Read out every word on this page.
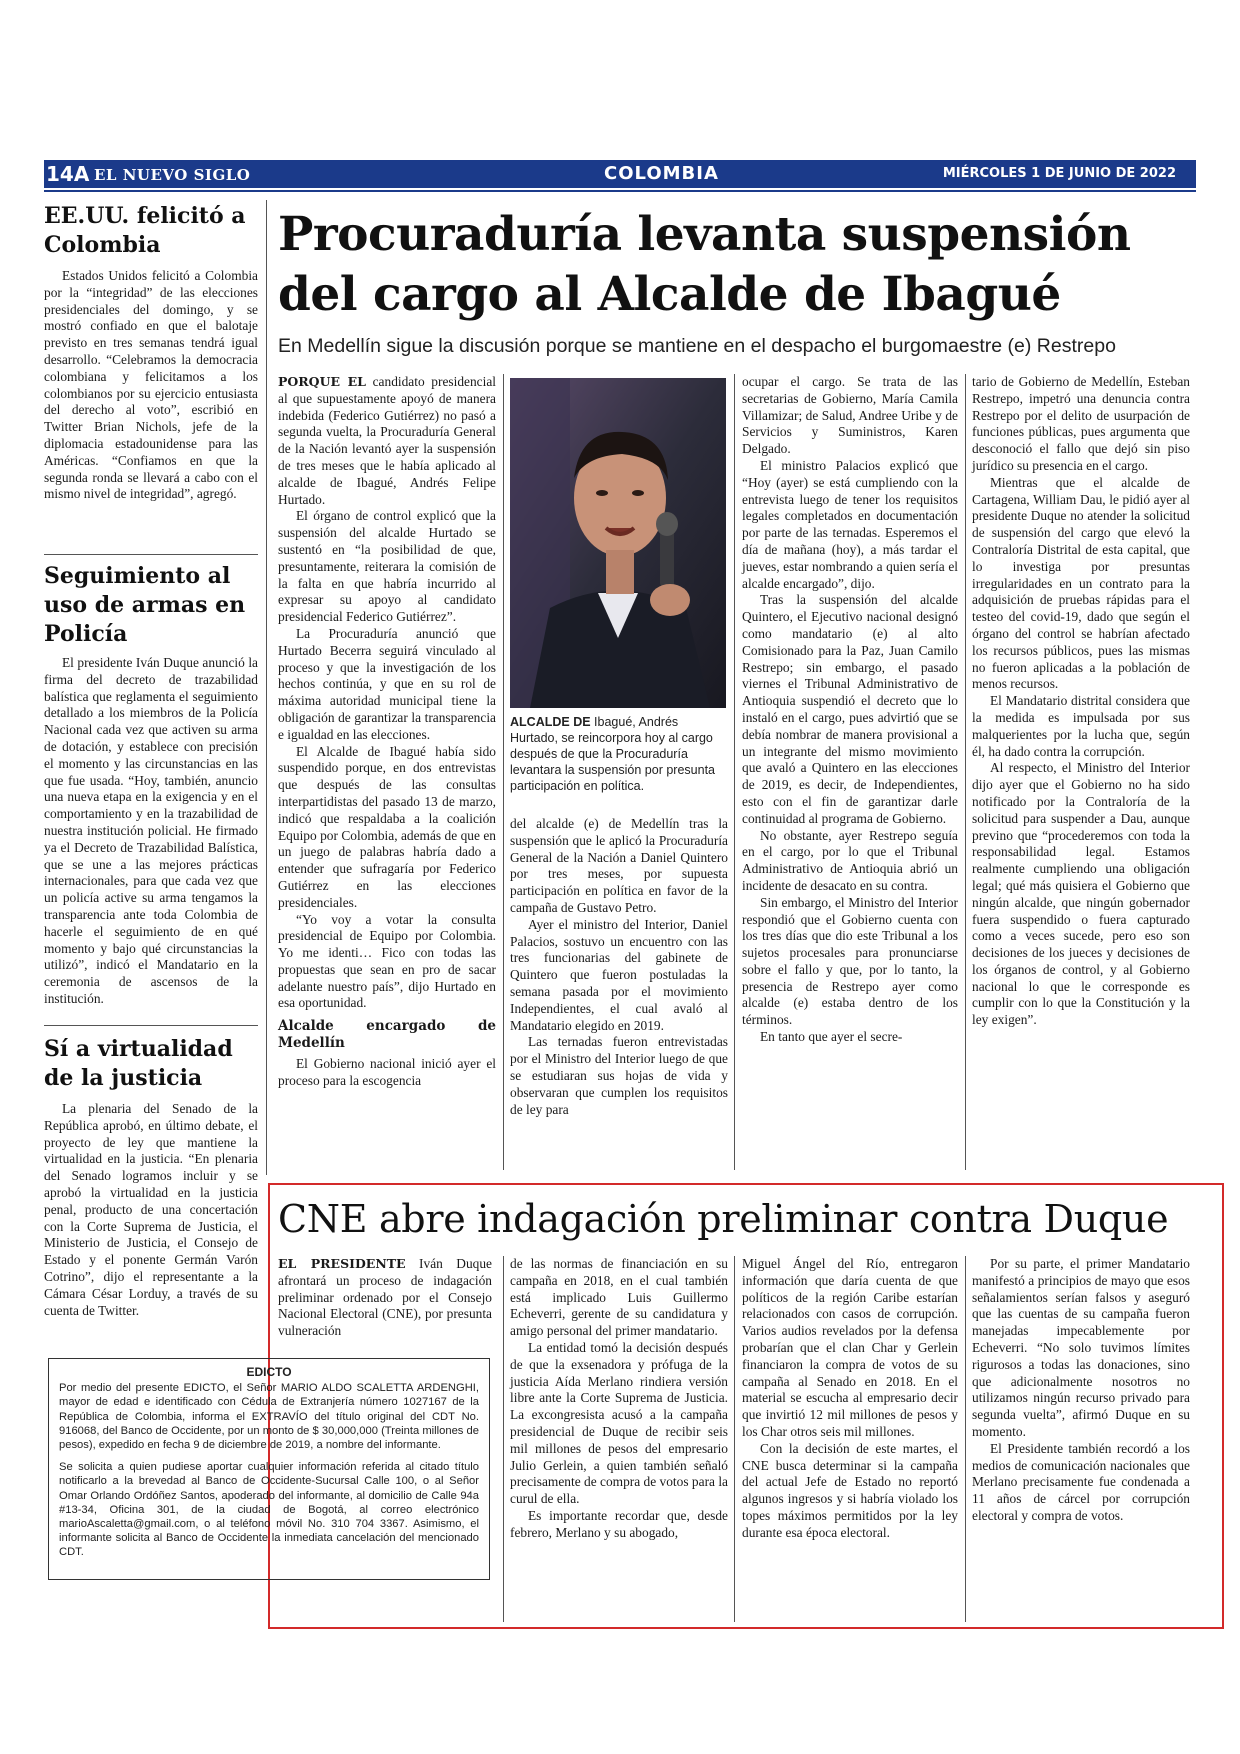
14A EL NUEVO SIGLO	COLOMBIA	MIÉRCOLES 1 DE JUNIO DE 2022
EE.UU. felicitó a Colombia

Estados Unidos felicitó a Colombia por la “integridad” de las elecciones presidenciales del domingo, y se mostró confiado en que el balotaje previsto en tres semanas tendrá igual desarrollo. “Celebramos la democracia colombiana y felicitamos a los colombianos por su ejercicio entusiasta del derecho al voto”, escribió en Twitter Brian Nichols, jefe de la diplomacia estadounidense para las Américas. “Confiamos en que la segunda ronda se llevará a cabo con el mismo nivel de integridad”, agregó.

Seguimiento al uso de armas en Policía

El presidente Iván Duque anunció la firma del decreto de trazabilidad balística que reglamenta el seguimiento detallado a los miembros de la Policía Nacional cada vez que activen su arma de dotación, y establece con precisión el momento y las circunstancias en las que fue usada. “Hoy, también, anuncio una nueva etapa en la exigencia y en el comportamiento y en la trazabilidad de nuestra institución policial. He firmado ya el Decreto de Trazabilidad Balística, que se une a las mejores prácticas internacionales, para que cada vez que un policía active su arma tengamos la transparencia ante toda Colombia de hacerle el seguimiento de en qué momento y bajo qué circunstancias la utilizó”, indicó el Mandatario en la ceremonia de ascensos de la institución.

Sí a virtualidad de la justicia

La plenaria del Senado de la República aprobó, en último debate, el proyecto de ley que mantiene la virtualidad en la justicia. “En plenaria del Senado logramos incluir y se aprobó la virtualidad en la justicia penal, producto de una concertación con la Corte Suprema de Justicia, el Ministerio de Justicia, el Consejo de Estado y el ponente Germán Varón Cotrino”, dijo el representante a la Cámara César Lorduy, a través de su cuenta de Twitter.

Procuraduría levanta suspensión del cargo al Alcalde de Ibagué
En Medellín sigue la discusión porque se mantiene en el despacho el burgomaestre (e) Restrepo

PORQUE EL candidato presidencial al que supuestamente apoyó de manera indebida (Federico Gutiérrez) no pasó a segunda vuelta, la Procuraduría General de la Nación levantó ayer la suspensión de tres meses que le había aplicado al alcalde de Ibagué, Andrés Felipe Hurtado.

El órgano de control explicó que la suspensión del alcalde Hurtado se sustentó en “la posibilidad de que, presuntamente, reiterara la comisión de la falta en que habría incurrido al expresar su apoyo al candidato presidencial Federico Gutiérrez”.

La Procuraduría anunció que Hurtado Becerra seguirá vinculado al proceso y que la investigación de los hechos continúa, y que en su rol de máxima autoridad municipal tiene la obligación de garantizar la transparencia e igualdad en las elecciones.

El Alcalde de Ibagué había sido suspendido porque, en dos entrevistas que después de las consultas interpartidistas del pasado 13 de marzo, indicó que respaldaba a la coalición Equipo por Colombia, además de que en un juego de palabras habría dado a entender que sufragaría por Federico Gutiérrez en las elecciones presidenciales.

“Yo voy a votar la consulta presidencial de Equipo por Colombia. Yo me identi… Fico con todas las propuestas que sean en pro de sacar adelante nuestro país”, dijo Hurtado en esa oportunidad.

Alcalde encargado de Medellín

El Gobierno nacional inició ayer el proceso para la escogencia

ALCALDE DE Ibagué, Andrés Hurtado, se reincorpora hoy al cargo después de que la Procuraduría levantara la suspensión por presunta participación en política.

del alcalde (e) de Medellín tras la suspensión que le aplicó la Procuraduría General de la Nación a Daniel Quintero por tres meses, por supuesta participación en política en favor de la campaña de Gustavo Petro.

Ayer el ministro del Interior, Daniel Palacios, sostuvo un encuentro con las tres funcionarias del gabinete de Quintero que fueron postuladas la semana pasada por el movimiento Independientes, el cual avaló al Mandatario elegido en 2019.

Las ternadas fueron entrevistadas por el Ministro del Interior luego de que se estudiaran sus hojas de vida y observaran que cumplen los requisitos de ley para

ocupar el cargo. Se trata de las secretarias de Gobierno, María Camila Villamizar; de Salud, Andree Uribe y de Servicios y Suministros, Karen Delgado.

El ministro Palacios explicó que “Hoy (ayer) se está cumpliendo con la entrevista luego de tener los requisitos legales completados en documentación por parte de las ternadas. Esperemos el día de mañana (hoy), a más tardar el jueves, estar nombrando a quien sería el alcalde encargado”, dijo.

Tras la suspensión del alcalde Quintero, el Ejecutivo nacional designó como mandatario (e) al alto Comisionado para la Paz, Juan Camilo Restrepo; sin embargo, el pasado viernes el Tribunal Administrativo de Antioquia suspendió el decreto que lo instaló en el cargo, pues advirtió que se debía nombrar de manera provisional a un integrante del mismo movimiento que avaló a Quintero en las elecciones de 2019, es decir, de Independientes, esto con el fin de garantizar darle continuidad al programa de Gobierno.

No obstante, ayer Restrepo seguía en el cargo, por lo que el Tribunal Administrativo de Antioquia abrió un incidente de desacato en su contra.

Sin embargo, el Ministro del Interior respondió que el Gobierno cuenta con los tres días que dio este Tribunal a los sujetos procesales para pronunciarse sobre el fallo y que, por lo tanto, la presencia de Restrepo ayer como alcalde (e) estaba dentro de los términos.

En tanto que ayer el secre-

tario de Gobierno de Medellín, Esteban Restrepo, impetró una denuncia contra Restrepo por el delito de usurpación de funciones públicas, pues argumenta que desconoció el fallo que dejó sin piso jurídico su presencia en el cargo.

Mientras que el alcalde de Cartagena, William Dau, le pidió ayer al presidente Duque no atender la solicitud de suspensión del cargo que elevó la Contraloría Distrital de esta capital, que lo investiga por presuntas irregularidades en un contrato para la adquisición de pruebas rápidas para el testeo del covid-19, dado que según el órgano del control se habrían afectado los recursos públicos, pues las mismas no fueron aplicadas a la población de menos recursos.

El Mandatario distrital considera que la medida es impulsada por sus malquerientes por la lucha que, según él, ha dado contra la corrupción.

Al respecto, el Ministro del Interior dijo ayer que el Gobierno no ha sido notificado por la Contraloría de la solicitud para suspender a Dau, aunque previno que “procederemos con toda la responsabilidad legal. Estamos realmente cumpliendo una obligación legal; qué más quisiera el Gobierno que ningún alcalde, que ningún gobernador fuera suspendido o fuera capturado como a veces sucede, pero eso son decisiones de los jueces y decisiones de los órganos de control, y al Gobierno nacional lo que le corresponde es cumplir con lo que la Constitución y la ley exigen”.

CNE abre indagación preliminar contra Duque

EL PRESIDENTE Iván Duque afrontará un proceso de indagación preliminar ordenado por el Consejo Nacional Electoral (CNE), por presunta vulneración

de las normas de financiación en su campaña en 2018, en el cual también está implicado Luis Guillermo Echeverri, gerente de su candidatura y amigo personal del primer mandatario.

La entidad tomó la decisión después de que la exsenadora y prófuga de la justicia Aída Merlano rindiera versión libre ante la Corte Suprema de Justicia. La excongresista acusó a la campaña presidencial de Duque de recibir seis mil millones de pesos del empresario Julio Gerlein, a quien también señaló precisamente de compra de votos para la curul de ella.

Es importante recordar que, desde febrero, Merlano y su abogado,

Miguel Ángel del Río, entregaron información que daría cuenta de que políticos de la región Caribe estarían relacionados con casos de corrupción. Varios audios revelados por la defensa probarían que el clan Char y Gerlein financiaron la compra de votos de su campaña al Senado en 2018. En el material se escucha al empresario decir que invirtió 12 mil millones de pesos y los Char otros seis mil millones.

Con la decisión de este martes, el CNE busca determinar si la campaña del actual Jefe de Estado no reportó algunos ingresos y si habría violado los topes máximos permitidos por la ley durante esa época electoral.

Por su parte, el primer Mandatario manifestó a principios de mayo que esos señalamientos serían falsos y aseguró que las cuentas de su campaña fueron manejadas impecablemente por Echeverri. “No solo tuvimos límites rigurosos a todas las donaciones, sino que adicionalmente nosotros no utilizamos ningún recurso privado para segunda vuelta”, afirmó Duque en su momento.

El Presidente también recordó a los medios de comunicación nacionales que Merlano precisamente fue condenada a 11 años de cárcel por corrupción electoral y compra de votos.

EDICTO

Por medio del presente EDICTO, el Señor MARIO ALDO SCALETTA ARDENGHI, mayor de edad e identificado con Cédula de Extranjería número 1027167 de la República de Colombia, informa el EXTRAVÍO del título original del CDT No. 916068, del Banco de Occidente, por un monto de $ 30,000,000 (Treinta millones de pesos), expedido en fecha 9 de diciembre de 2019, a nombre del informante.

Se solicita a quien pudiese aportar cualquier información referida al citado título notificarlo a la brevedad al Banco de Occidente-Sucursal Calle 100, o al Señor Omar Orlando Ordóñez Santos, apoderado del informante, al domicilio de Calle 94a #13-34, Oficina 301, de la ciudad de Bogotá, al correo electrónico marioAscaletta@gmail.com, o al teléfono móvil No. 310 704 3367. Asimismo, el informante solicita al Banco de Occidente la inmediata cancelación del mencionado CDT.
